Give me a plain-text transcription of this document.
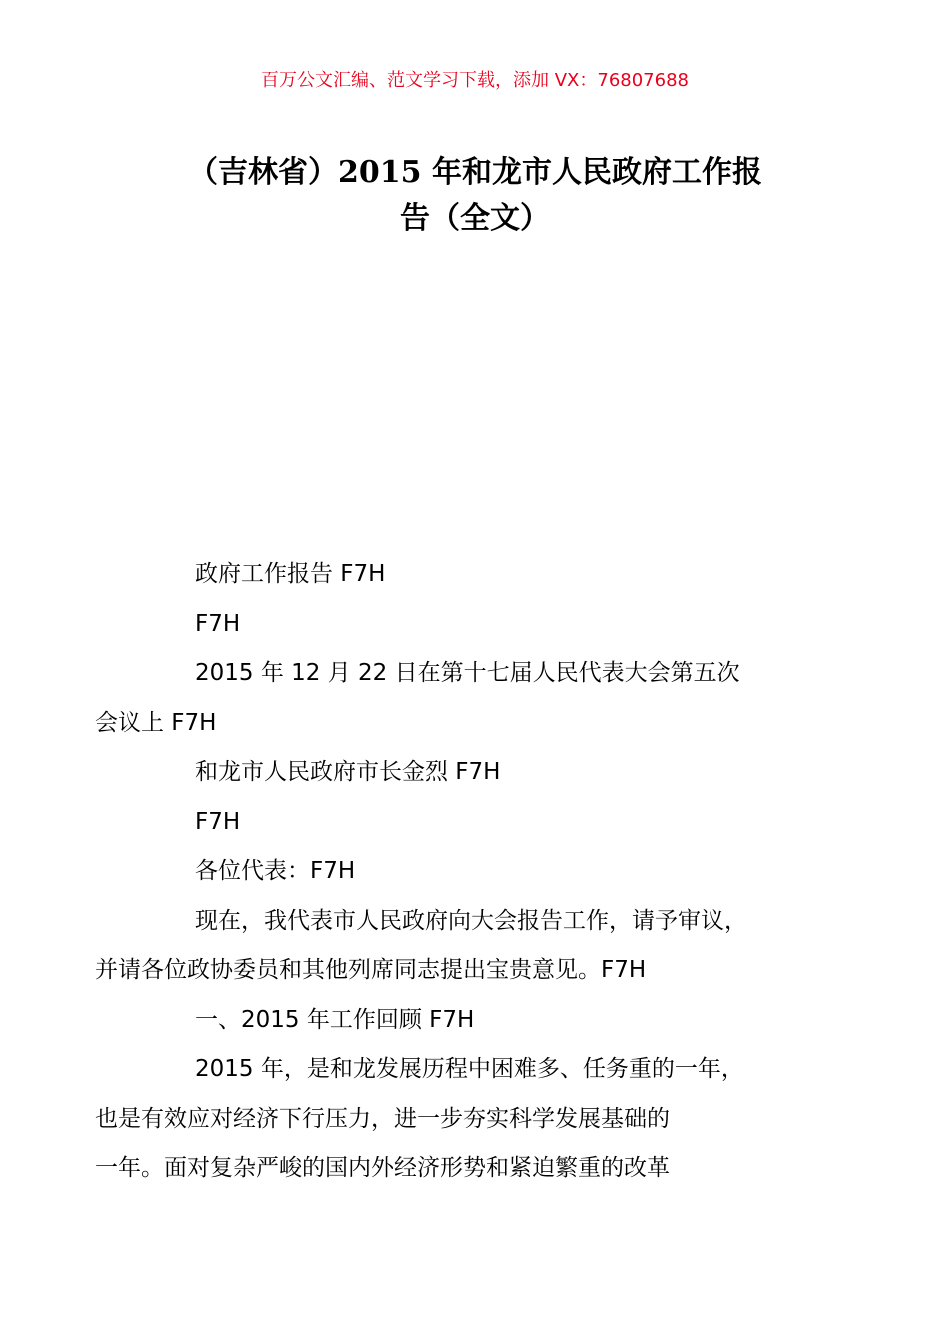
百万公文汇编、范文学习下载，添加 VX：76807688
（吉林省）2015 年和龙市人民政府工作报
告（全文）

政府工作报告 F7H

F7H

2015 年 12 月 22 日在第十七届人民代表大会第五次
会议上 F7H

和龙市人民政府市长金烈 F7H

F7H

各位代表：F7H

现在，我代表市人民政府向大会报告工作，请予审议，
并请各位政协委员和其他列席同志提出宝贵意见。F7H

一、2015 年工作回顾 F7H

2015 年，是和龙发展历程中困难多、任务重的一年，
也是有效应对经济下行压力，进一步夯实科学发展基础的
一年。面对复杂严峻的国内外经济形势和紧迫繁重的改革
